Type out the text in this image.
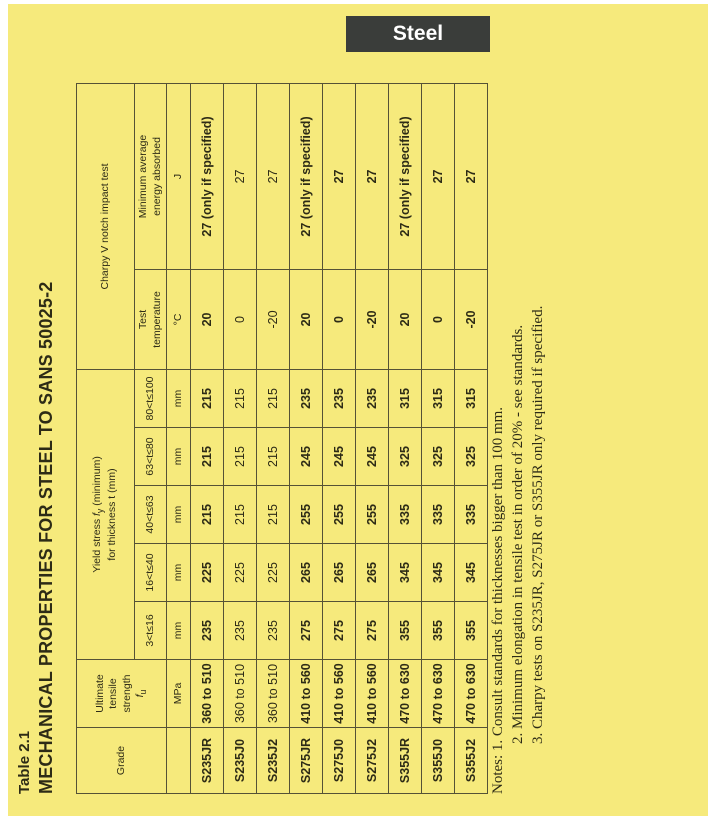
Steel
Table 2.1 MECHANICAL PROPERTIES FOR STEEL TO SANS 50025-2	Grade	Ultimate
tensile
strength
$f_u$	Yield stress $f_y$ (minimum) for thickness t (mm)					Charpy V notch impact test	
		3<t≤16	16<t≤40	40<t≤63	63<t≤80	80<t≤100	Test
temperature	Minimum average
energy absorbed
	MPa	mm	mm	mm	mm	mm	°C	J
S235JR	360 to 510	235	225	215	215	215	20	27 (only if specified)
S235J0	360 to 510	235	225	215	215	215	0	27
S235J2	360 to 510	235	225	215	215	215	-20	27
S275JR	410 to 560	275	265	255	245	235	20	27 (only if specified)
S275J0	410 to 560	275	265	255	245	235	0	27
S275J2	410 to 560	275	265	255	245	235	-20	27
S355JR	470 to 630	355	345	335	325	315	20	27 (only if specified)
S355J0	470 to 630	355	345	335	325	315	0	27
S355J2	470 to 630	355	345	335	325	315	-20	27
Notes: 1. Consult standards for thicknesses bigger than 100 mm. 2. Minimum elongation in tensile test in order of 20% - see standards. 3. Charpy tests on S235JR, S275JR or S355JR only required if specified.
